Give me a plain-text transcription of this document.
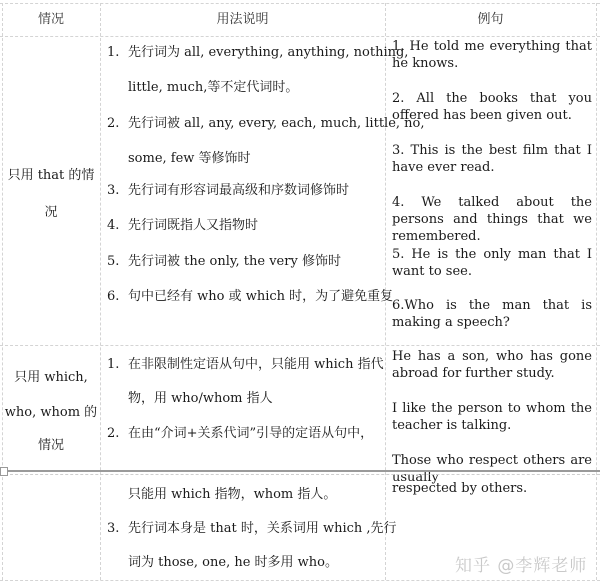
情况	用法说明	例句
只用 that 的情
况
1. 先行词为 all, everything, anything, nothing,
little, much,等不定代词时。
2. 先行词被 all, any, every, each, much, little, no,
some, few 等修饰时
3. 先行词有形容词最高级和序数词修饰时
4. 先行词既指人又指物时
5. 先行词被 the only, the very 修饰时
6. 句中已经有 who 或 which 时，为了避免重复
1. He told me everything that he knows.
2. All the books that you offered has been given out.
3. This is the best film that I have ever read.
4. We talked about the persons and things that we remembered.
5. He is the only man that I want to see.
6.Who is the man that is making a speech?
只用 which,
who, whom 的
情况
1. 在非限制性定语从句中，只能用 which 指代
物，用 who/whom 指人
2. 在由“介词+关系代词”引导的定语从句中，
只能用 which 指物，whom 指人。
3. 先行词本身是 that 时，关系词用 which ,先行
词为 those, one, he 时多用 who。
He has a son, who has gone abroad for further study.
I like the person to whom the teacher is talking.
Those who respect others are usually
respected by others.
知乎 @李辉老师
